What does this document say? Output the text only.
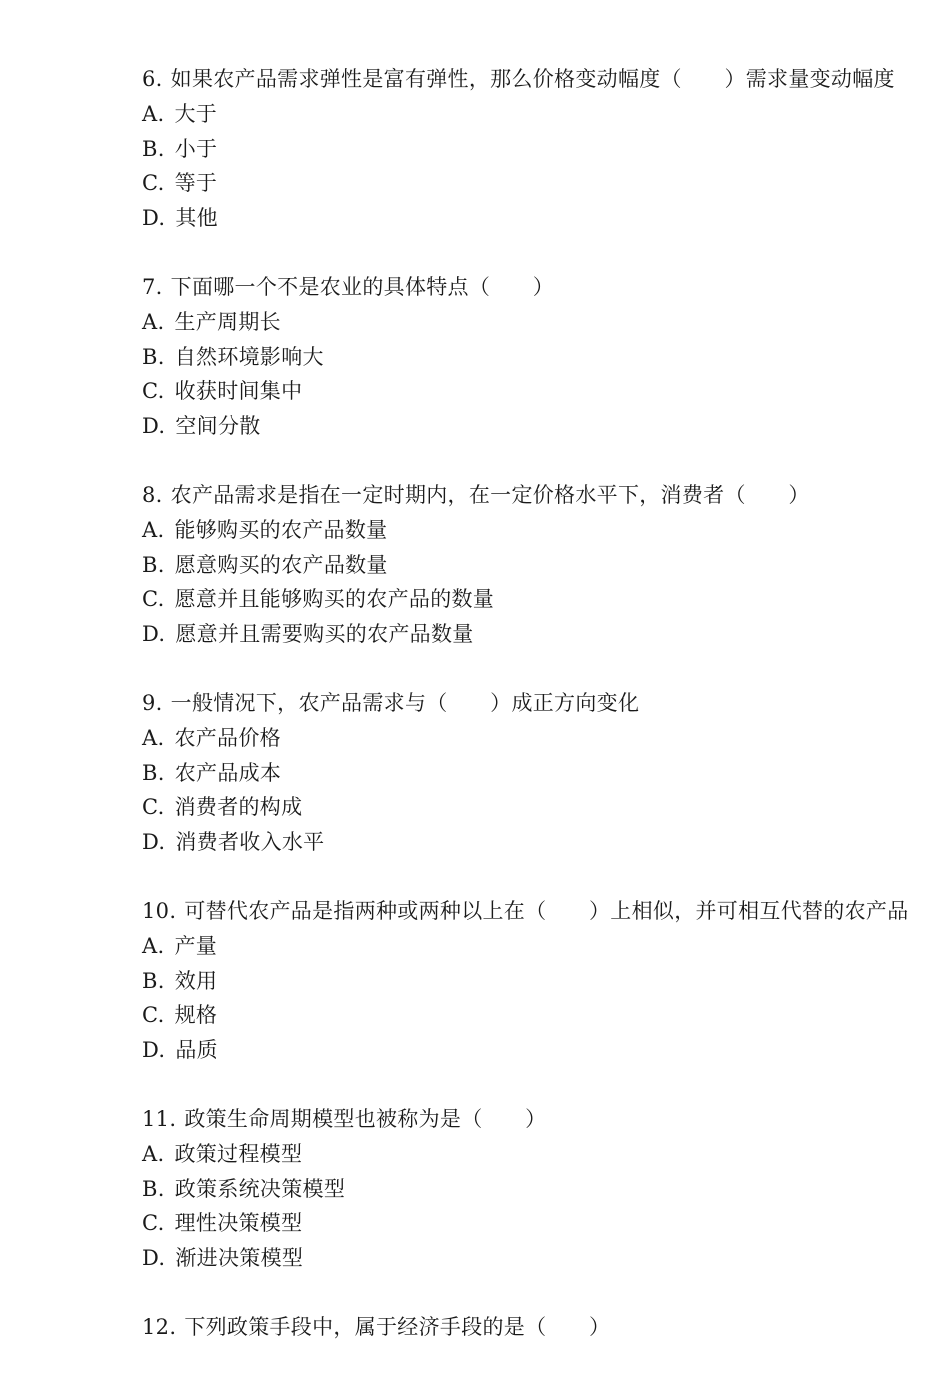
6. 如果农产品需求弹性是富有弹性，那么价格变动幅度（　　）需求量变动幅度
A. 大于
B. 小于
C. 等于
D. 其他
7. 下面哪一个不是农业的具体特点（　　）
A. 生产周期长
B. 自然环境影响大
C. 收获时间集中
D. 空间分散
8. 农产品需求是指在一定时期内，在一定价格水平下，消费者（　　）
A. 能够购买的农产品数量
B. 愿意购买的农产品数量
C. 愿意并且能够购买的农产品的数量
D. 愿意并且需要购买的农产品数量
9. 一般情况下，农产品需求与（　　）成正方向变化
A. 农产品价格
B. 农产品成本
C. 消费者的构成
D. 消费者收入水平
10. 可替代农产品是指两种或两种以上在（　　）上相似，并可相互代替的农产品
A. 产量
B. 效用
C. 规格
D. 品质
11. 政策生命周期模型也被称为是（　　）
A. 政策过程模型
B. 政策系统决策模型
C. 理性决策模型
D. 渐进决策模型
12. 下列政策手段中，属于经济手段的是（　　）
